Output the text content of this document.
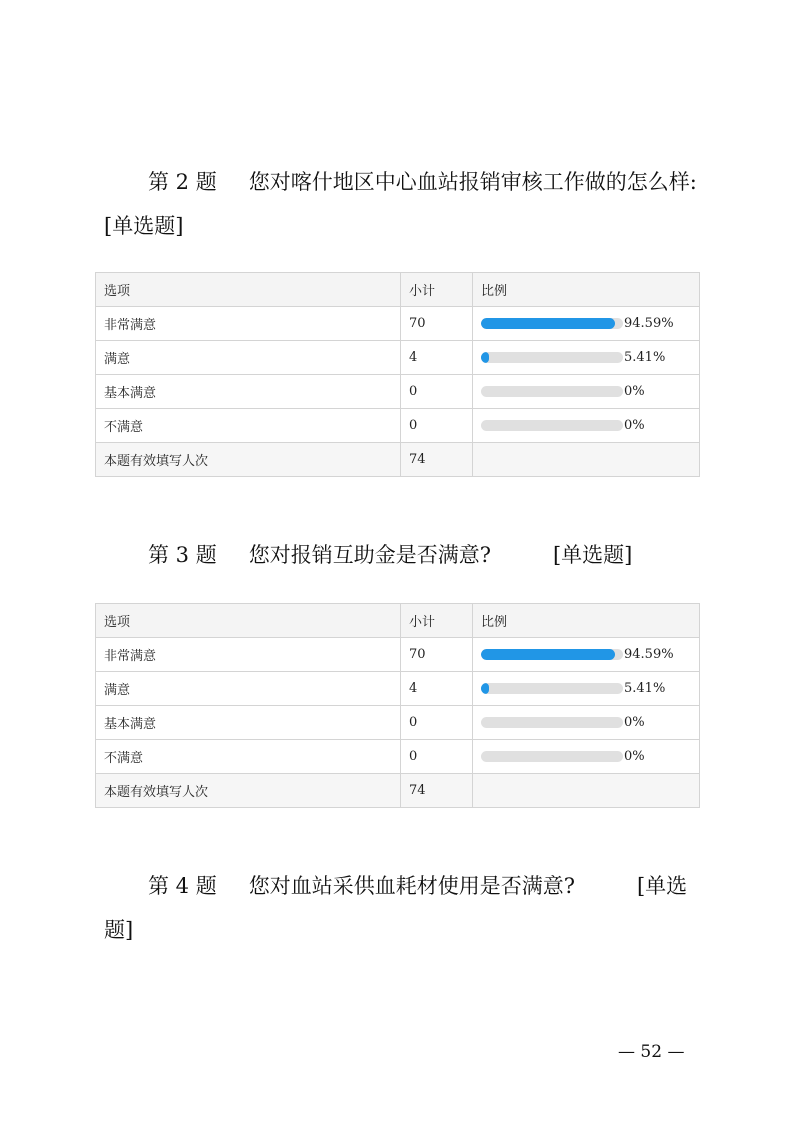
第 2 题 您对喀什地区中心血站报销审核工作做的怎么样:[单选题]
选项	小计	比例
非常满意	70	94.59%

满意	4	5.41%

基本满意	0	0%

不满意	0	0%

本题有效填写人次	74	
第 3 题 您对报销互助金是否满意?	[单选题]
选项	小计	比例
非常满意	70	94.59%

满意	4	5.41%

基本满意	0	0%

不满意	0	0%

本题有效填写人次	74	
第 4 题 您对血站采供血耗材使用是否满意?	[单选题]
— 52 —
